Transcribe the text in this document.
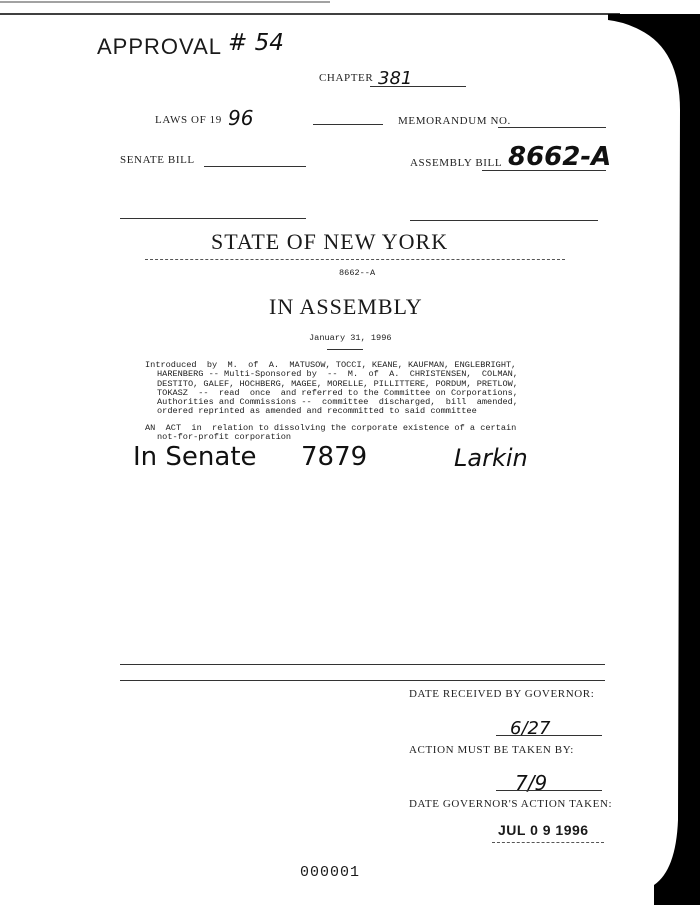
APPROVAL # 54
CHAPTER 381
LAWS OF 19 96	MEMORANDUM NO.
SENATE BILL	ASSEMBLY BILL 8662-A
STATE OF NEW YORK
8662--A
IN ASSEMBLY
January 31, 1996
Introduced  by  M.  of  A.  MATUSOW, TOCCI, KEANE, KAUFMAN, ENGLEBRIGHT,
HARENBERG -- Multi-Sponsored by  --  M.  of  A.  CHRISTENSEN,  COLMAN,
DESTITO, GALEF, HOCHBERG, MAGEE, MORELLE, PILLITTERE, PORDUM, PRETLOW,
TOKASZ  --  read  once  and referred to the Committee on Corporations,
Authorities and Commissions --  committee  discharged,  bill  amended,
ordered reprinted as amended and recommitted to said committee
AN  ACT  in  relation to dissolving the corporate existence of a certain
not-for-profit corporation
In Senate 7879	Larkin
DATE RECEIVED BY GOVERNOR:
6/27
ACTION MUST BE TAKEN BY:
7/9
DATE GOVERNOR'S ACTION TAKEN:
JUL 0 9 1996
000001
